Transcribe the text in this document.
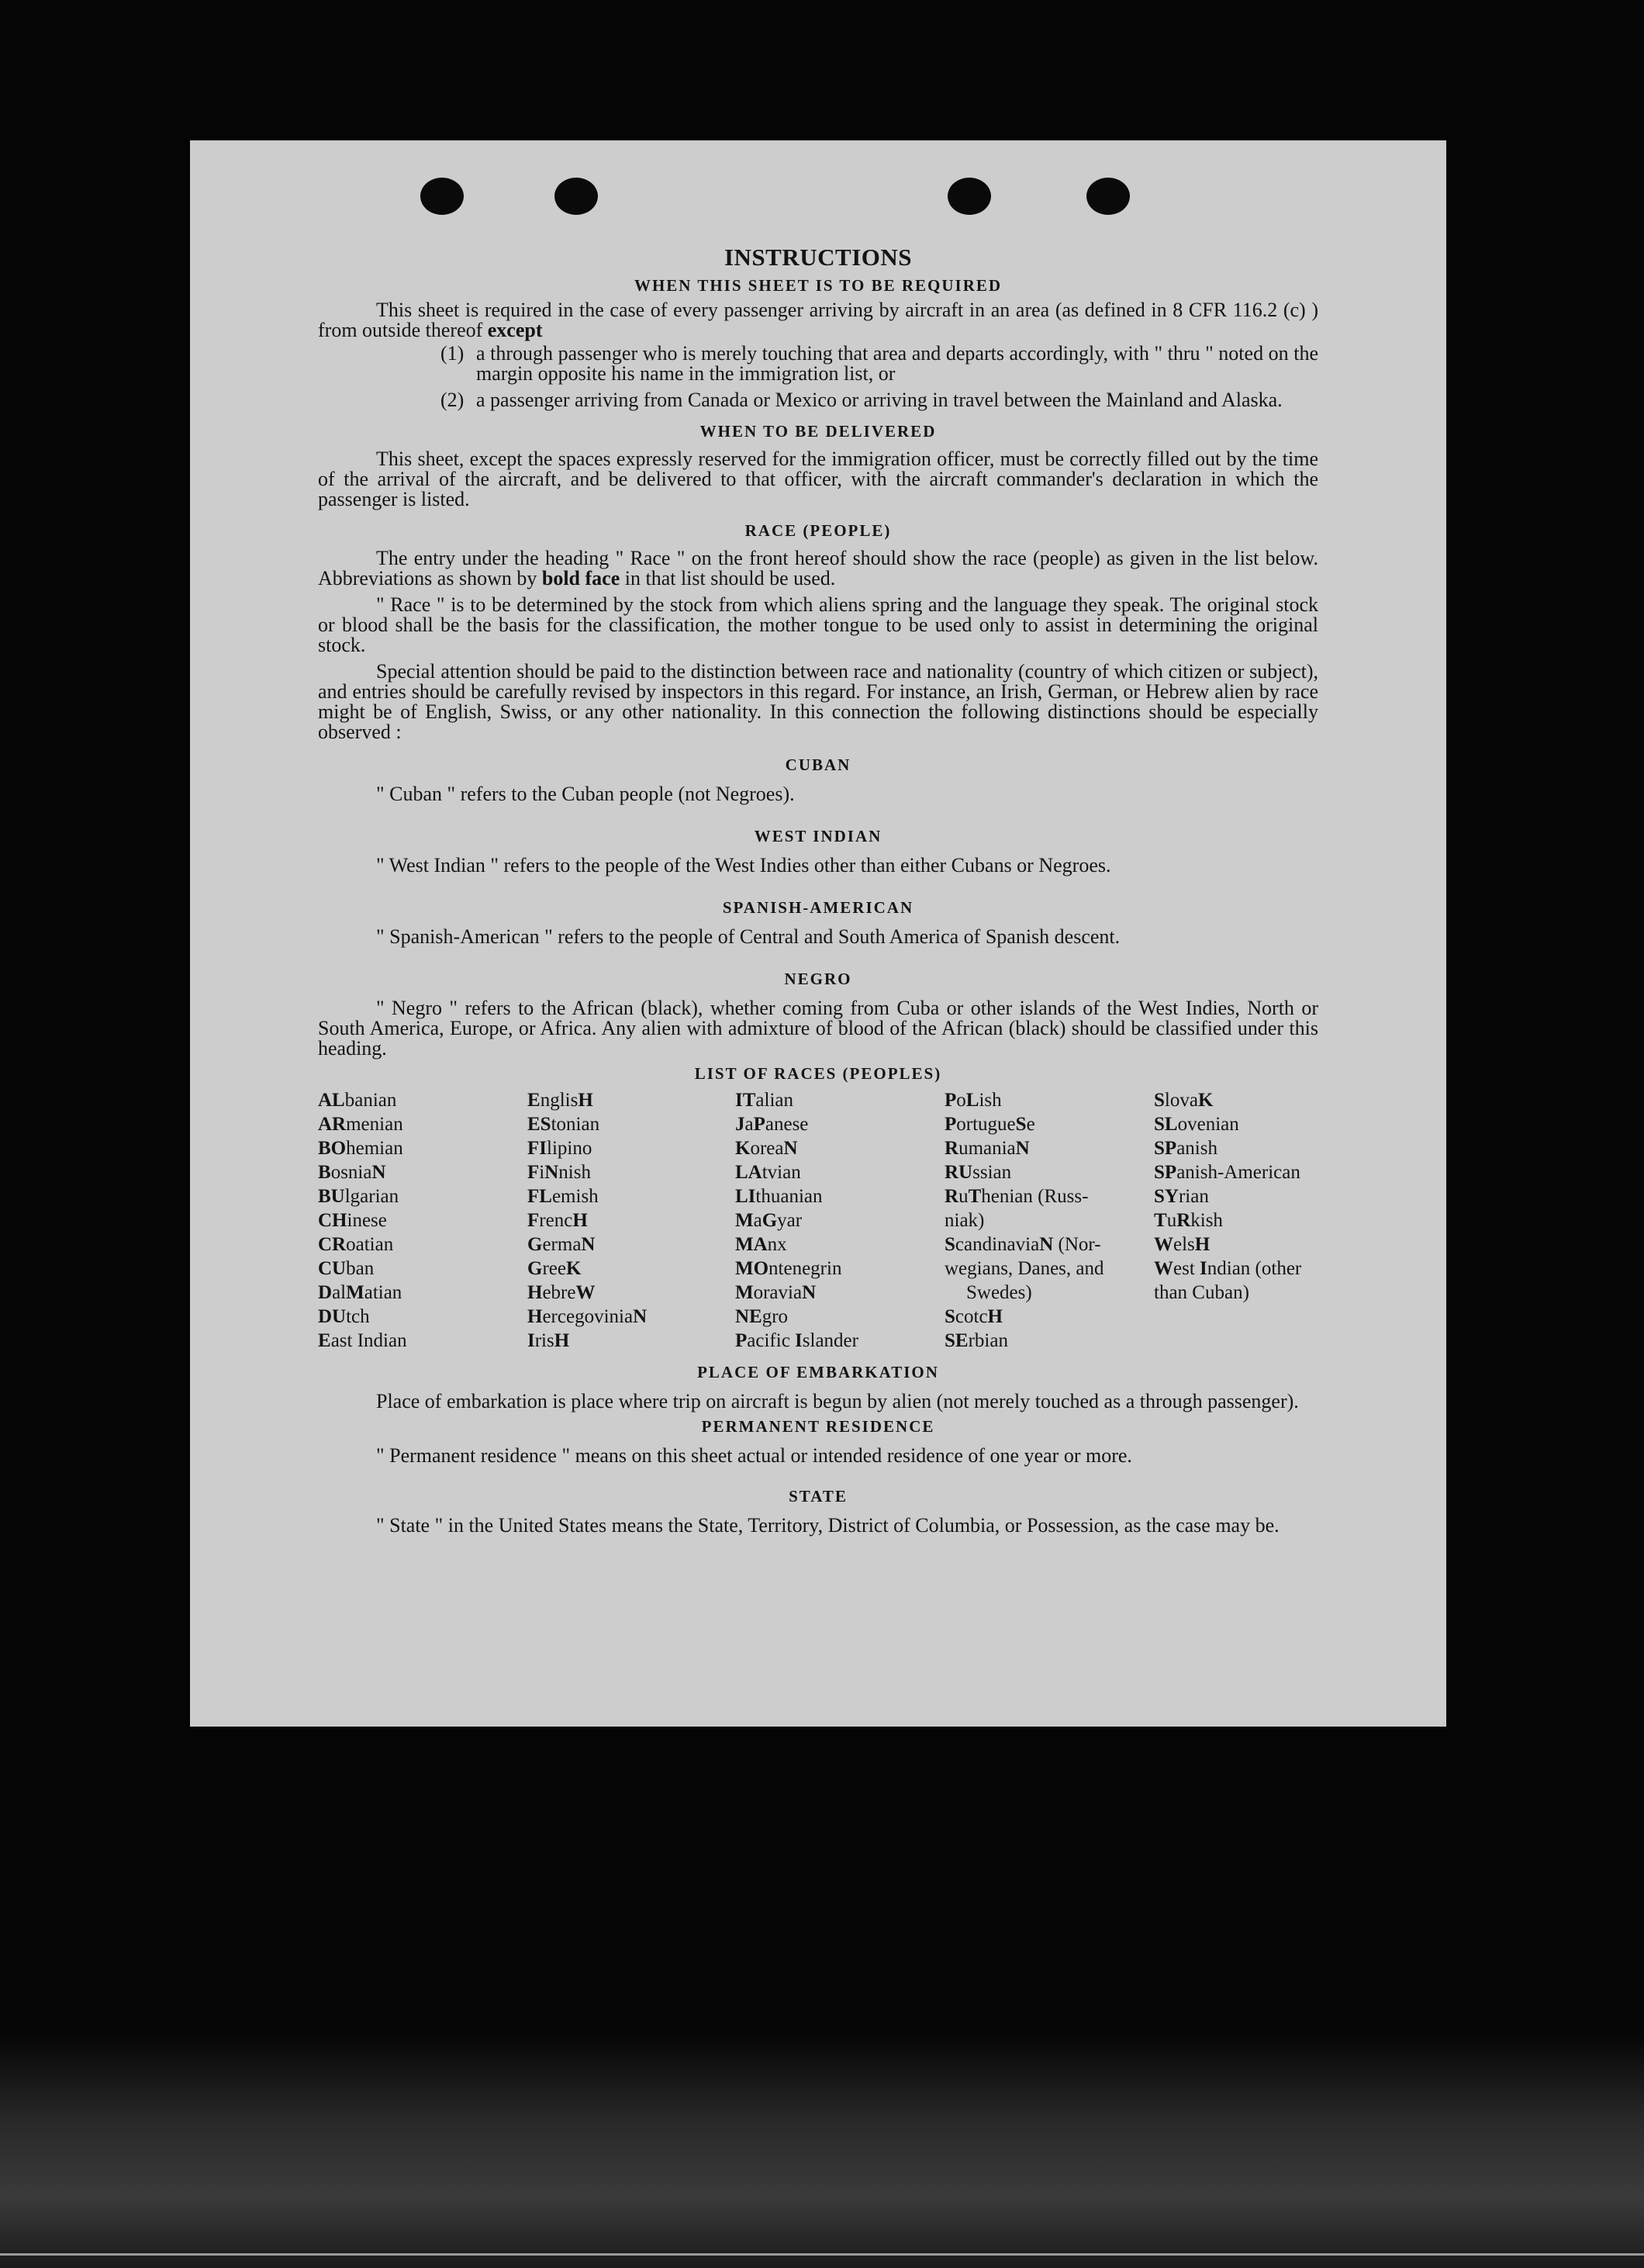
INSTRUCTIONS
WHEN THIS SHEET IS TO BE REQUIRED

This sheet is required in the case of every passenger arriving by aircraft in an area (as defined in 8 CFR 116.2 (c) ) from outside thereof except

(1) a through passenger who is merely touching that area and departs accordingly, with " thru " noted on the margin opposite his name in the immigration list, or
(2) a passenger arriving from Canada or Mexico or arriving in travel between the Mainland and Alaska.
WHEN TO BE DELIVERED

This sheet, except the spaces expressly reserved for the immigration officer, must be correctly filled out by the time of the arrival of the aircraft, and be delivered to that officer, with the aircraft commander's declaration in which the passenger is listed.

RACE (PEOPLE)

The entry under the heading " Race " on the front hereof should show the race (people) as given in the list below. Abbreviations as shown by bold face in that list should be used.

" Race " is to be determined by the stock from which aliens spring and the language they speak. The original stock or blood shall be the basis for the classification, the mother tongue to be used only to assist in determining the original stock.

Special attention should be paid to the distinction between race and nationality (country of which citizen or subject), and entries should be carefully revised by inspectors in this regard. For instance, an Irish, German, or Hebrew alien by race might be of English, Swiss, or any other nationality. In this connection the following distinctions should be especially observed :

CUBAN

" Cuban " refers to the Cuban people (not Negroes).

WEST INDIAN

" West Indian " refers to the people of the West Indies other than either Cubans or Negroes.

SPANISH-AMERICAN

" Spanish-American " refers to the people of Central and South America of Spanish descent.

NEGRO

" Negro " refers to the African (black), whether coming from Cuba or other islands of the West Indies, North or South America, Europe, or Africa. Any alien with admixture of blood of the African (black) should be classified under this heading.

LIST OF RACES (PEOPLES)
ALbanian
ARmenian
BOhemian
BosniaN
BUlgarian
CHinese
CRoatian
CUban
DalMatian
DUtch
East Indian
EnglisH
EStonian
FIlipino
FiNnish
FLemish
FrencH
GermaN
GreeK
HebreW
HercegoviniaN
IrisH
ITalian
JaPanese
KoreaN
LAtvian
LIthuanian
MaGyar
MAnx
MOntenegrin
MoraviaN
NEgro
Pacific Islander
PoLish
PortugueSe
RumaniaN
RUssian
RuThenian (Russ-
niak)
ScandinaviaN (Nor-
wegians, Danes, and Swedes)
ScotcH
SErbian
SlovaK
SLovenian
SPanish
SPanish-American
SYrian
TuRkish
WelsH
West Indian (other
than Cuban)
PLACE OF EMBARKATION

Place of embarkation is place where trip on aircraft is begun by alien (not merely touched as a through passenger).

PERMANENT RESIDENCE

" Permanent residence " means on this sheet actual or intended residence of one year or more.

STATE

" State " in the United States means the State, Territory, District of Columbia, or Possession, as the case may be.
